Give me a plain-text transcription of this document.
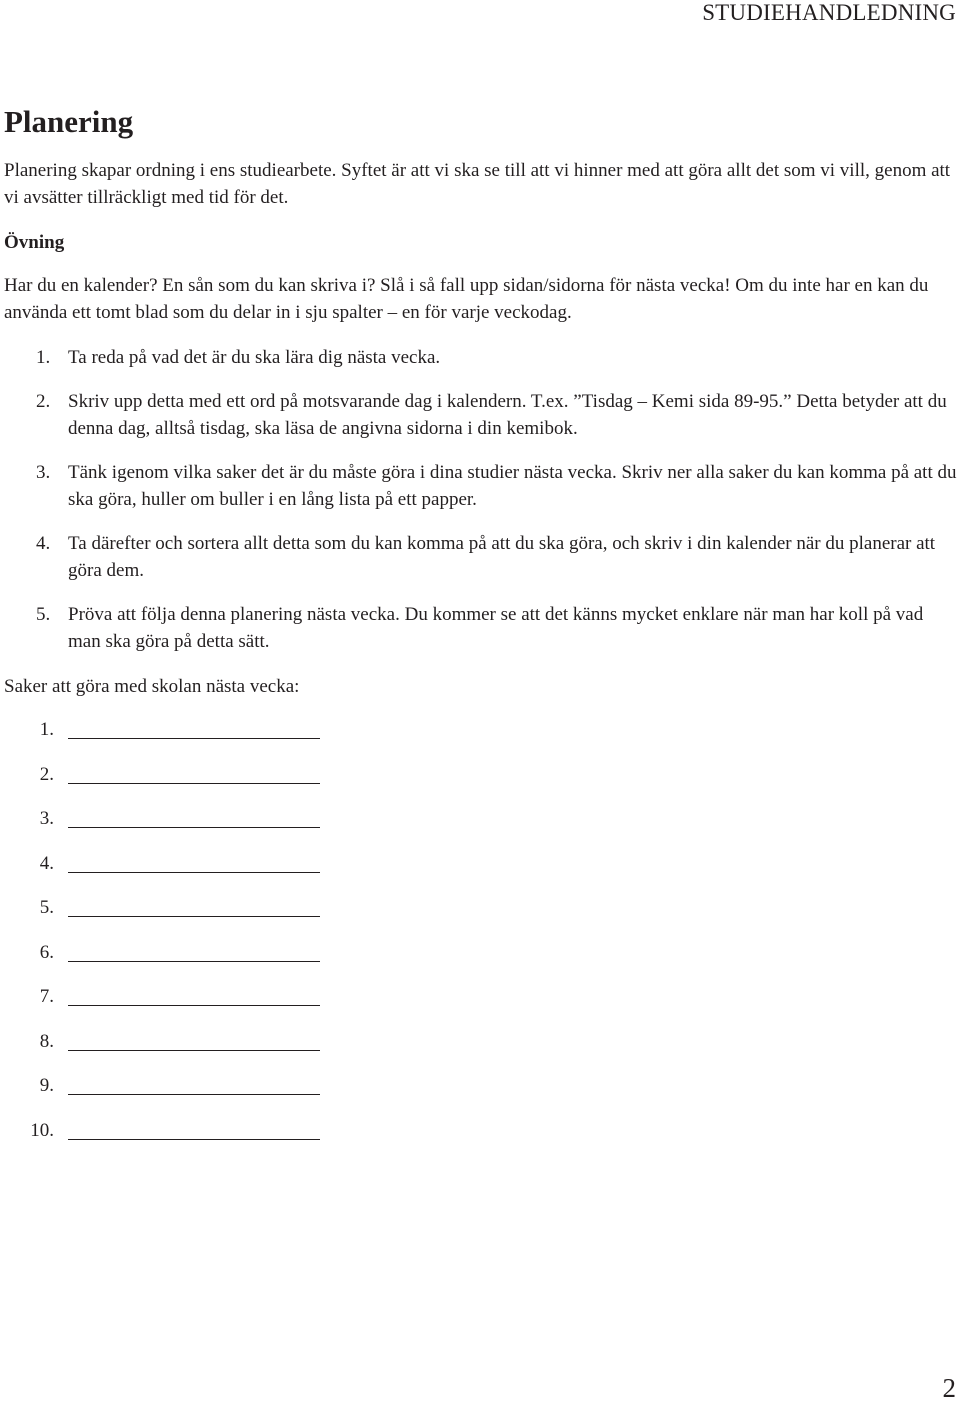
STUDIEHANDLEDNING
Planering

Planering skapar ordning i ens studiearbete. Syftet är att vi ska se till att vi hinner med att göra allt det som vi vill, genom att vi avsätter tillräckligt med tid för det.

Övning

Har du en kalender? En sån som du kan skriva i? Slå i så fall upp sidan/sidorna för nästa vecka! Om du inte har en kan du använda ett tomt blad som du delar in i sju spalter – en för varje veckodag.

1. Ta reda på vad det är du ska lära dig nästa vecka.
2. Skriv upp detta med ett ord på motsvarande dag i kalendern. T.ex. ”Tisdag – Kemi sida 89-95.” Detta betyder att du denna dag, alltså tisdag, ska läsa de angivna sidorna i din kemibok.
3. Tänk igenom vilka saker det är du måste göra i dina studier nästa vecka. Skriv ner alla saker du kan komma på att du ska göra, huller om buller i en lång lista på ett papper.
4. Ta därefter och sortera allt detta som du kan komma på att du ska göra, och skriv i din kalender när du planerar att göra dem.
5. Pröva att följa denna planering nästa vecka. Du kommer se att det känns mycket enklare när man har koll på vad man ska göra på detta sätt.

Saker att göra med skolan nästa vecka:

1.
2.
3.
4.
5.
6.
7.
8.
9.
10.
2
